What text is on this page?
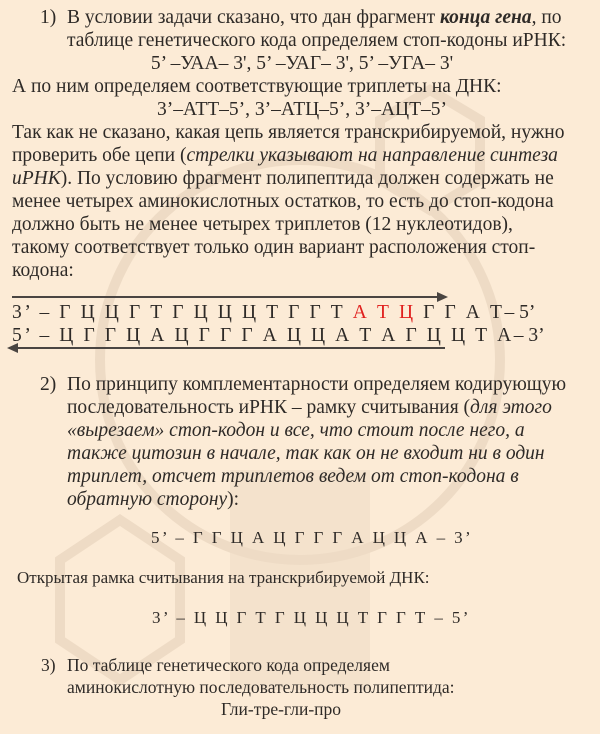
1) В условии задачи сказано, что дан фрагмент конца гена, по
таблице генетического кода определяем стоп-кодоны иРНК:
5’ –УАА– 3', 5’ –УАГ– 3', 5’ –УГА– 3'
А по ним определяем соответствующие триплеты на ДНК:
3’–АТТ–5’, 3’–АТЦ–5’, 3’–АЦТ–5’
Так как не сказано, какая цепь является транскрибируемой, нужно
проверить обе цепи (стрелки указывают на направление синтеза
иРНК). По условию фрагмент полипептида должен содержать не
менее четырех аминокислотных остатков, то есть до стоп-кодона
должно быть не менее четырех триплетов (12 нуклеотидов),
такому соответствует только один вариант расположения стоп-
кодона:
3’ – Г Ц Ц Г Т Г Ц Ц Ц Т Г Г Т А Т Ц Г Г А Т– 5’
5’ – Ц Г Г Ц А Ц Г Г Г А Ц Ц А Т А Г Ц Ц Т А– 3’
2) По принципу комплементарности определяем кодирующую
последовательность иРНК – рамку считывания (для этого
«вырезаем» стоп-кодон и все, что стоит после него, а
также цитозин в начале, так как он не входит ни в один
триплет, отсчет триплетов ведем от стоп-кодона в
обратную сторону):
5’ – Г Г Ц А Ц Г Г Г А Ц Ц А – 3’
Открытая рамка считывания на транскрибируемой ДНК:
3’ – Ц Ц Г Т Г Ц Ц Ц Т Г Г Т – 5’
3) По таблице генетического кода определяем
аминокислотную последовательность полипептида:
Гли-тре-гли-про
